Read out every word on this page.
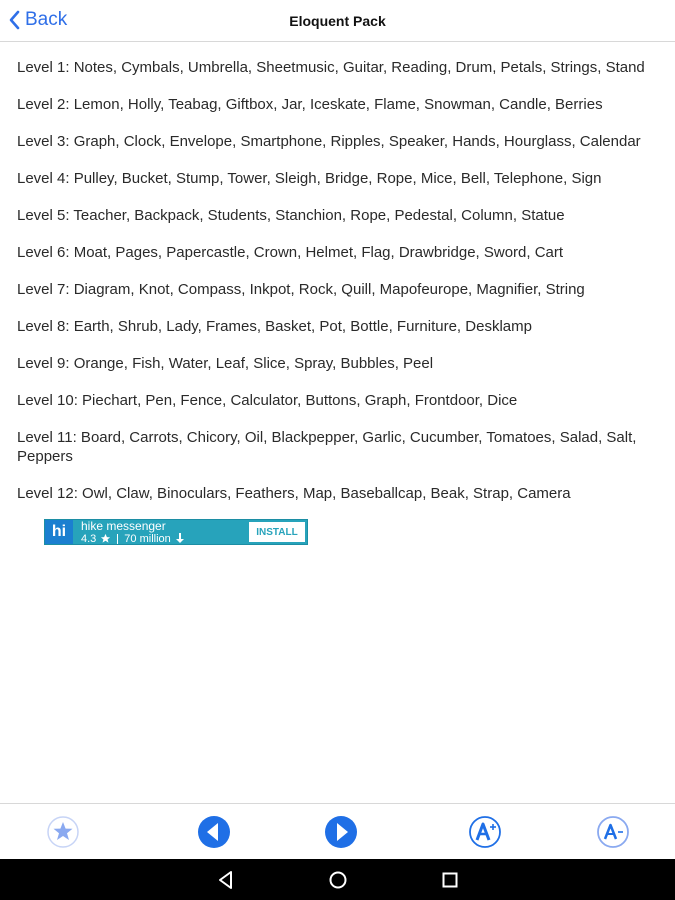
Back	Eloquent Pack
Level 1: Notes, Cymbals, Umbrella, Sheetmusic, Guitar, Reading, Drum, Petals, Strings, Stand
Level 2: Lemon, Holly, Teabag, Giftbox, Jar, Iceskate, Flame, Snowman, Candle, Berries
Level 3: Graph, Clock, Envelope, Smartphone, Ripples, Speaker, Hands, Hourglass, Calendar
Level 4: Pulley, Bucket, Stump, Tower, Sleigh, Bridge, Rope, Mice, Bell, Telephone, Sign
Level 5: Teacher, Backpack, Students, Stanchion, Rope, Pedestal, Column, Statue
Level 6: Moat, Pages, Papercastle, Crown, Helmet, Flag, Drawbridge, Sword, Cart
Level 7: Diagram, Knot, Compass, Inkpot, Rock, Quill, Mapofeurope, Magnifier, String
Level 8: Earth, Shrub, Lady, Frames, Basket, Pot, Bottle, Furniture, Desklamp
Level 9: Orange, Fish, Water, Leaf, Slice, Spray, Bubbles, Peel
Level 10: Piechart, Pen, Fence, Calculator, Buttons, Graph, Frontdoor, Dice
Level 11: Board, Carrots, Chicory, Oil, Blackpepper, Garlic, Cucumber, Tomatoes, Salad, Salt, Peppers
Level 12: Owl, Claw, Binoculars, Feathers, Map, Baseballcap, Beak, Strap, Camera
hi	hike messenger
4.3	70 million
INSTALL
